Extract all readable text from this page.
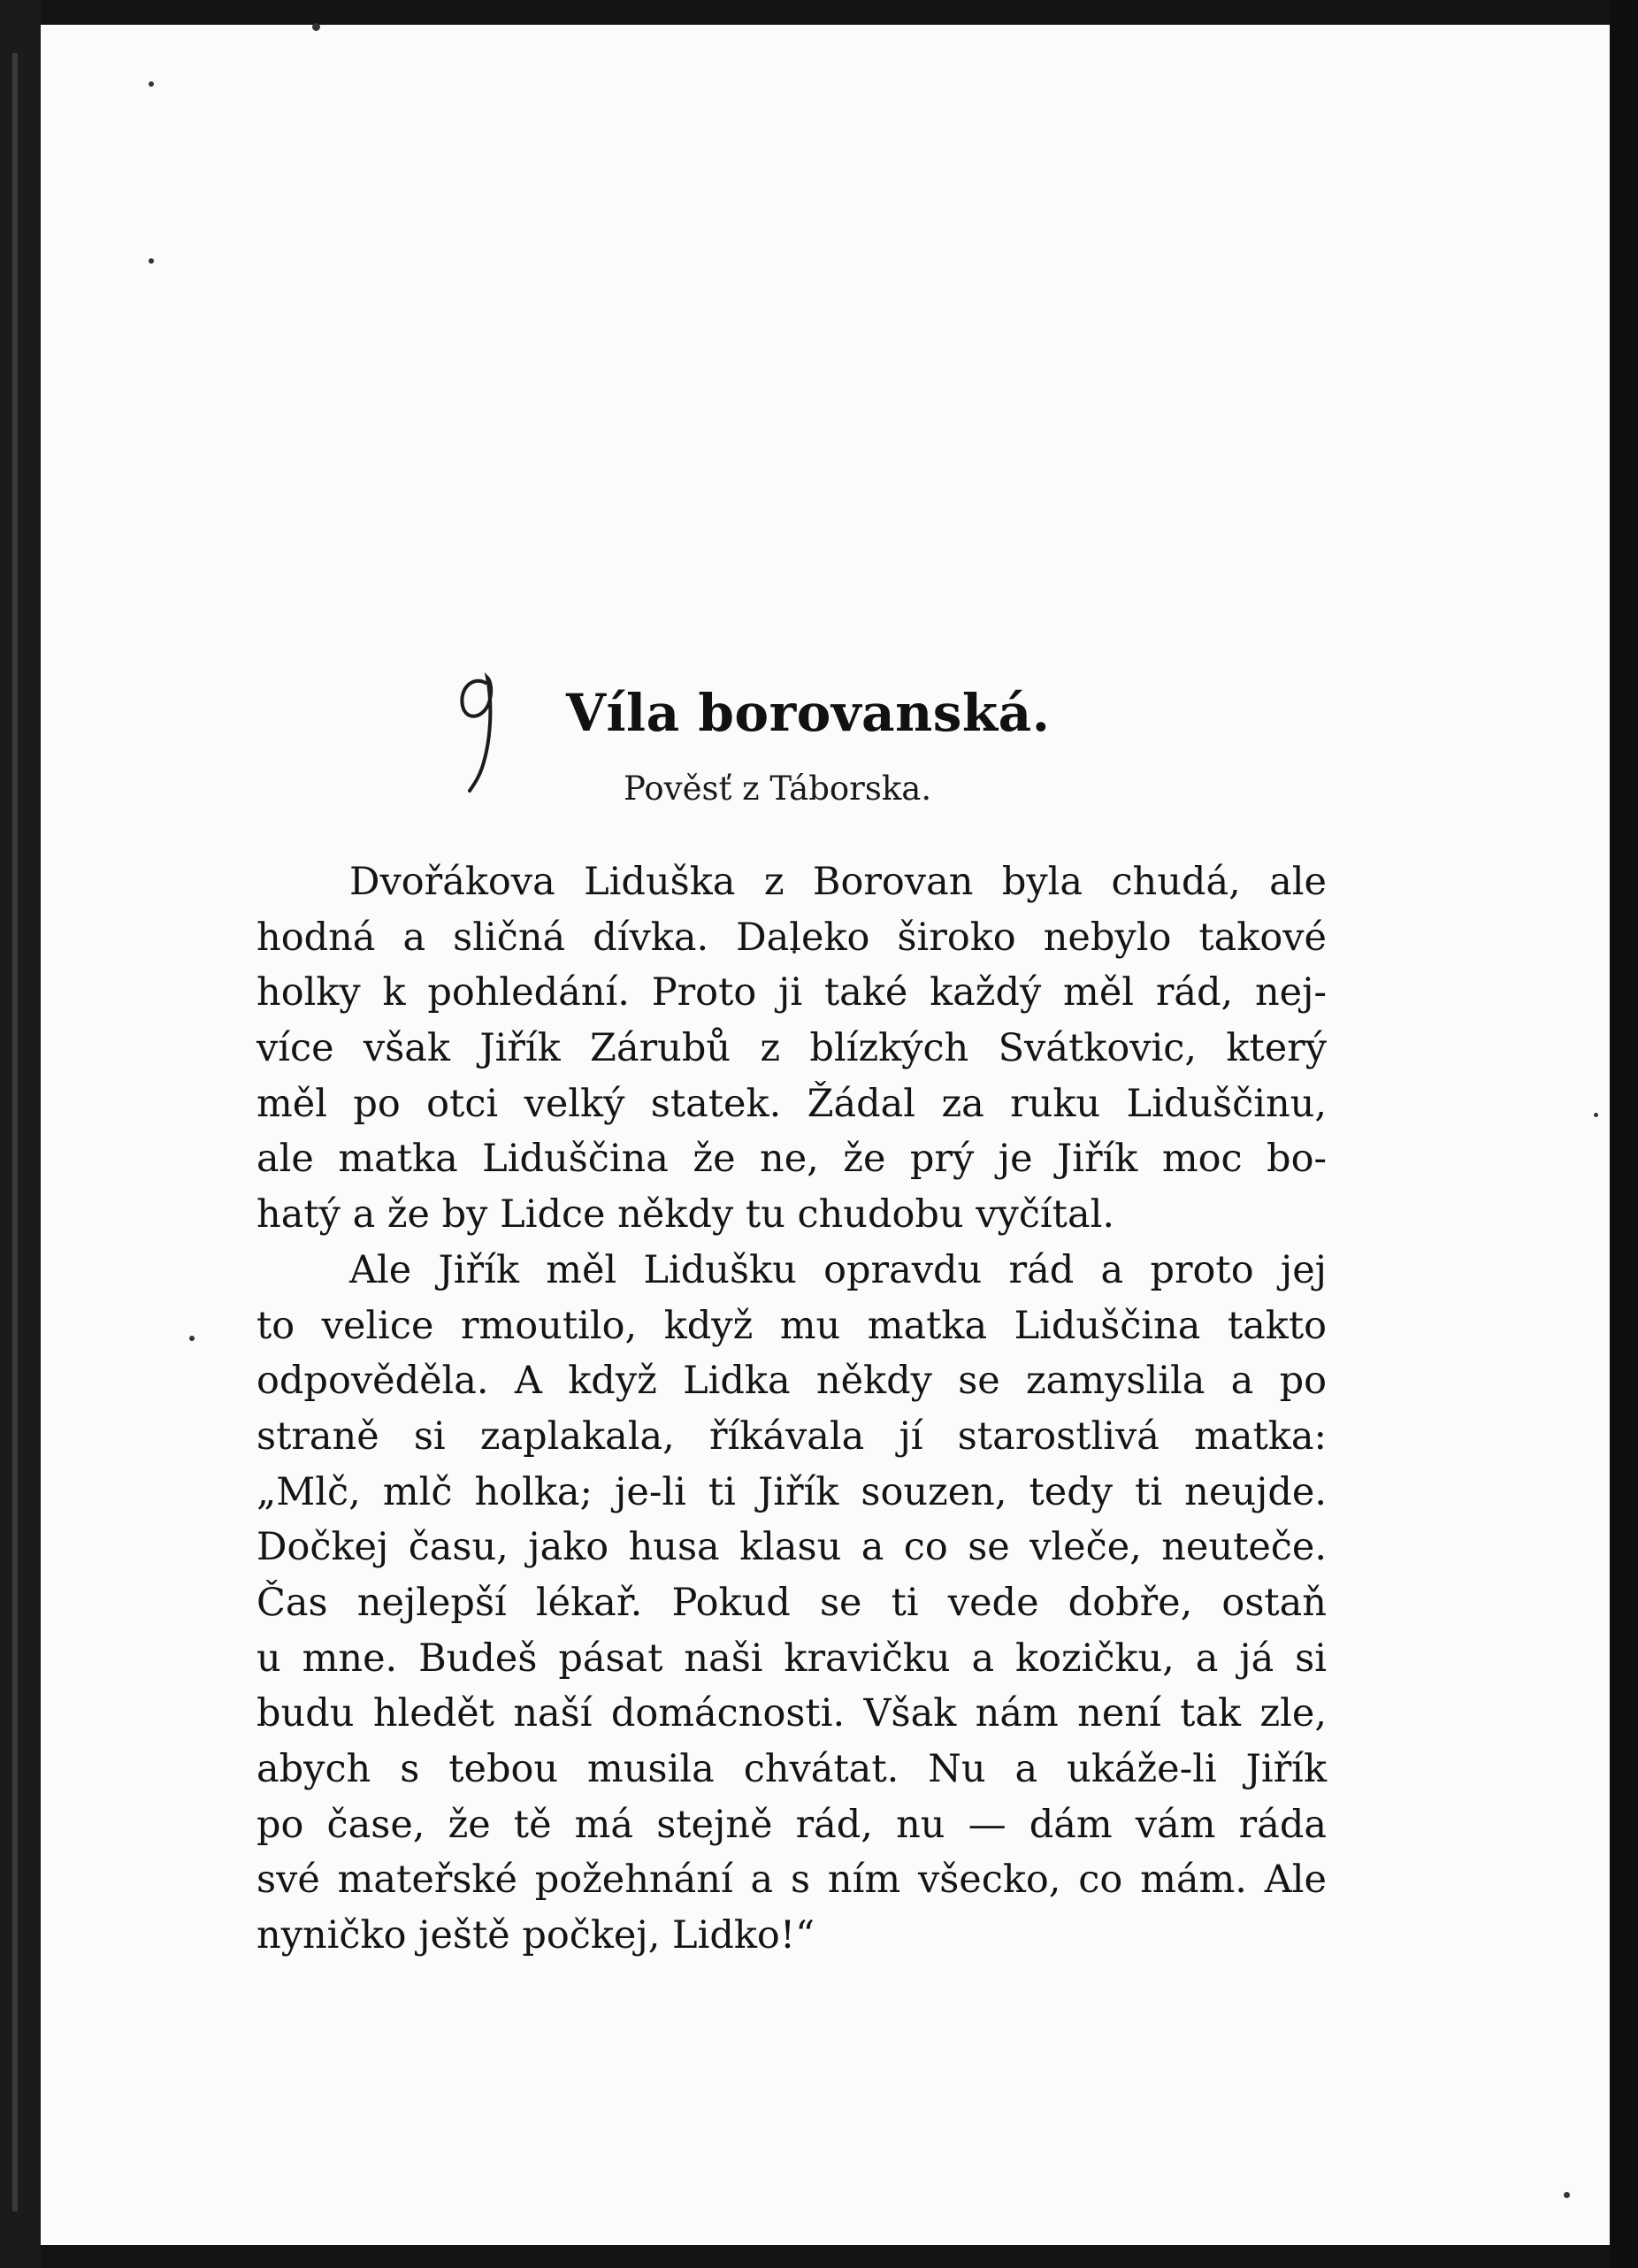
Víla borovanská.
Pověsť z Táborska.
Dvořákova Liduška z Borovan byla chudá, ale
hodná a sličná dívka. Daleko široko nebylo takové
holky k pohledání. Proto ji také každý měl rád, nej-
více však Jiřík Zárubů z blízkých Svátkovic, který
měl po otci velký statek. Žádal za ruku Liduščinu,
ale matka Liduščina že ne, že prý je Jiřík moc bo-
hatý a že by Lidce někdy tu chudobu vyčítal.
Ale Jiřík měl Lidušku opravdu rád a proto jej
to velice rmoutilo, když mu matka Liduščina takto
odpověděla. A když Lidka někdy se zamyslila a po
straně si zaplakala, říkávala jí starostlivá matka:
„Mlč, mlč holka; je-li ti Jiřík souzen, tedy ti neujde.
Dočkej času, jako husa klasu a co se vleče, neuteče.
Čas nejlepší lékař. Pokud se ti vede dobře, ostaň
u mne. Budeš pásat naši kravičku a kozičku, a já si
budu hledět naší domácnosti. Však nám není tak zle,
abych s tebou musila chvátat. Nu a ukáže-li Jiřík
po čase, že tě má stejně rád, nu — dám vám ráda
své mateřské požehnání a s ním všecko, co mám. Ale
nyničko ještě počkej, Lidko!“
